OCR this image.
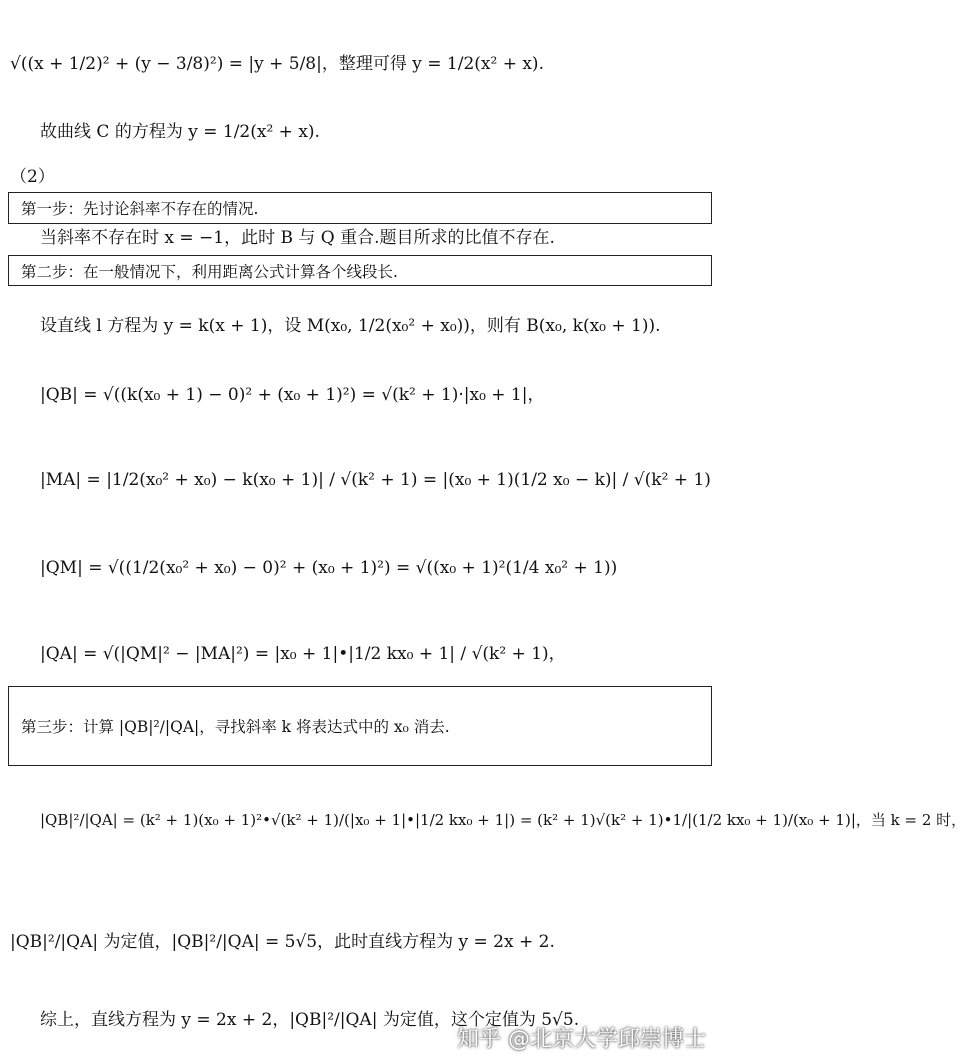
√((x + 1/2)² + (y − 3/8)²) = |y + 5/8|，整理可得 y = 1/2(x² + x).
故曲线 C 的方程为 y = 1/2(x² + x).
（2）
第一步：先讨论斜率不存在的情况.
当斜率不存在时 x = −1，此时 B 与 Q 重合.题目所求的比值不存在.
第二步：在一般情况下，利用距离公式计算各个线段长.
设直线 l 方程为 y = k(x + 1)，设 M(x₀, 1/2(x₀² + x₀))，则有 B(x₀, k(x₀ + 1)).
|QB| = √((k(x₀ + 1) − 0)² + (x₀ + 1)²) = √(k² + 1)·|x₀ + 1|，
|MA| = |1/2(x₀² + x₀) − k(x₀ + 1)| / √(k² + 1) = |(x₀ + 1)(1/2 x₀ − k)| / √(k² + 1)
|QM| = √((1/2(x₀² + x₀) − 0)² + (x₀ + 1)²) = √((x₀ + 1)²(1/4 x₀² + 1))
|QA| = √(|QM|² − |MA|²) = |x₀ + 1|•|1/2 kx₀ + 1| / √(k² + 1)，
第三步：计算 |QB|²/|QA|，寻找斜率 k 将表达式中的 x₀ 消去.
|QB|²/|QA| = (k² + 1)(x₀ + 1)²•√(k² + 1)/(|x₀ + 1|•|1/2 kx₀ + 1|) = (k² + 1)√(k² + 1)•1/|(1/2 kx₀ + 1)/(x₀ + 1)|，当 k = 2 时，
|QB|²/|QA| 为定值，|QB|²/|QA| = 5√5，此时直线方程为 y = 2x + 2.
综上，直线方程为 y = 2x + 2，|QB|²/|QA| 为定值，这个定值为 5√5.
知乎 @北京大学邱崇博士
